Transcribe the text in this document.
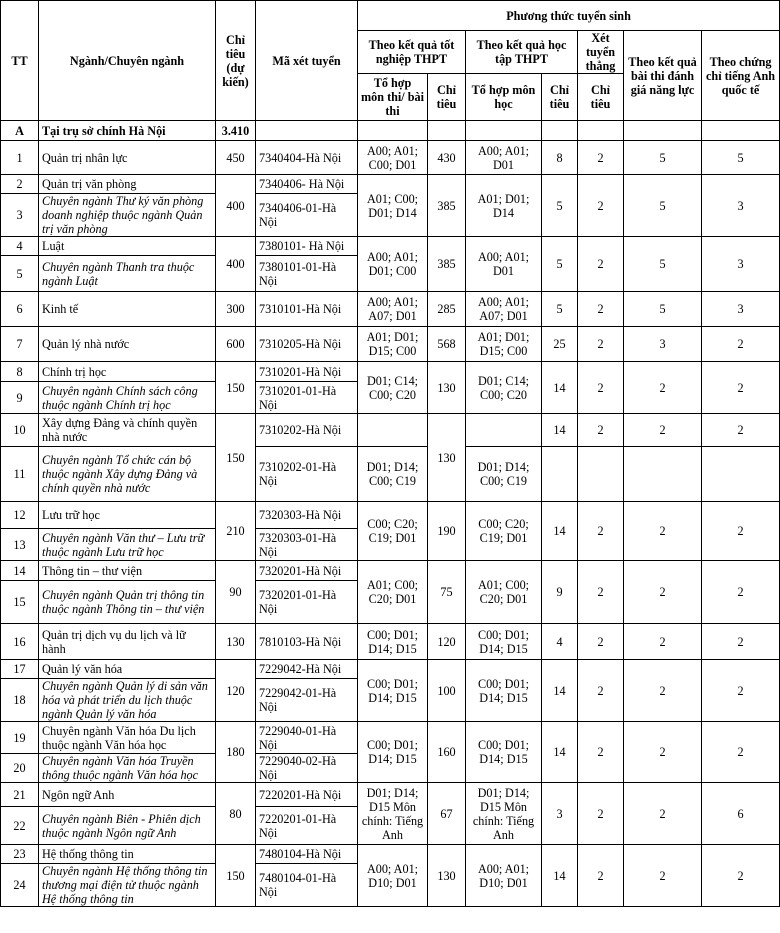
TT	Ngành/Chuyên ngành	Chỉ tiêu (dự kiến)	Mã xét tuyển	Phương thức tuyển sinh						
				Theo kết quả tốt nghiệp THPT		Theo kết quả học tập THPT		Xét tuyển thẳng	Theo kết quả bài thi đánh giá năng lực	Theo chứng chỉ tiếng Anh quốc tế
				Tổ hợp môn thi/ bài thi	Chỉ tiêu	Tổ hợp môn học	Chỉ tiêu	Chỉ tiêu		
A	Tại trụ sở chính Hà Nội	3.410								
1	Quản trị nhân lực	450	7340404-Hà Nội	A00; A01; C00; D01	430	A00; A01; D01	8	2	5	5
2	Quản trị văn phòng	400	7340406- Hà Nội	A01; C00; D01; D14	385	A01; D01; D14	5	2	5	3
3	Chuyên ngành Thư ký văn phòng doanh nghiệp thuộc ngành Quản trị văn phòng		7340406-01-Hà Nội							
4	Luật	400	7380101- Hà Nội	A00; A01; D01; C00	385	A00; A01; D01	5	2	5	3
5	Chuyên ngành Thanh tra thuộc ngành Luật		7380101-01-Hà Nội							
6	Kinh tế	300	7310101-Hà Nội	A00; A01; A07; D01	285	A00; A01; A07; D01	5	2	5	3
7	Quản lý nhà nước	600	7310205-Hà Nội	A01; D01; D15; C00	568	A01; D01; D15; C00	25	2	3	2
8	Chính trị học	150	7310201-Hà Nội	D01; C14; C00; C20	130	D01; C14; C00; C20	14	2	2	2
9	Chuyên ngành Chính sách công thuộc ngành Chính trị học		7310201-01-Hà Nội							
10	Xây dựng Đảng và chính quyền nhà nước	150	7310202-Hà Nội		130		14	2	2	2
11	Chuyên ngành Tổ chức cán bộ thuộc ngành Xây dựng Đảng và chính quyền nhà nước		7310202-01-Hà Nội	D01; D14; C00; C19		D01; D14; C00; C19				
12	Lưu trữ học	210	7320303-Hà Nội	C00; C20; C19; D01	190	C00; C20; C19; D01	14	2	2	2
13	Chuyên ngành Văn thư – Lưu trữ thuộc ngành Lưu trữ học		7320303-01-Hà Nội							
14	Thông tin – thư viện	90	7320201-Hà Nội	A01; C00; C20; D01	75	A01; C00; C20; D01	9	2	2	2
15	Chuyên ngành Quản trị thông tin thuộc ngành Thông tin – thư viện		7320201-01-Hà Nội							
16	Quản trị dịch vụ du lịch và lữ hành	130	7810103-Hà Nội	C00; D01; D14; D15	120	C00; D01; D14; D15	4	2	2	2
17	Quản lý văn hóa	120	7229042-Hà Nội	C00; D01; D14; D15	100	C00; D01; D14; D15	14	2	2	2
18	Chuyên ngành Quản lý di sản văn hóa và phát triển du lịch thuộc ngành Quản lý văn hóa		7229042-01-Hà Nội							
19	Chuyên ngành Văn hóa Du lịch thuộc ngành Văn hóa học	180	7229040-01-Hà Nội	C00; D01; D14; D15	160	C00; D01; D14; D15	14	2	2	2
20	Chuyên ngành Văn hóa Truyền thông thuộc ngành Văn hóa học		7229040-02-Hà Nội							
21	Ngôn ngữ Anh	80	7220201-Hà Nội	D01; D14; D15 Môn chính: Tiếng Anh	67	D01; D14; D15 Môn chính: Tiếng Anh	3	2	2	6
22	Chuyên ngành Biên - Phiên dịch thuộc ngành Ngôn ngữ Anh		7220201-01-Hà Nội							
23	Hệ thống thông tin	150	7480104-Hà Nội	A00; A01; D10; D01	130	A00; A01; D10; D01	14	2	2	2
24	Chuyên ngành Hệ thống thông tin thương mại điện tử thuộc ngành Hệ thống thông tin		7480104-01-Hà Nội							
